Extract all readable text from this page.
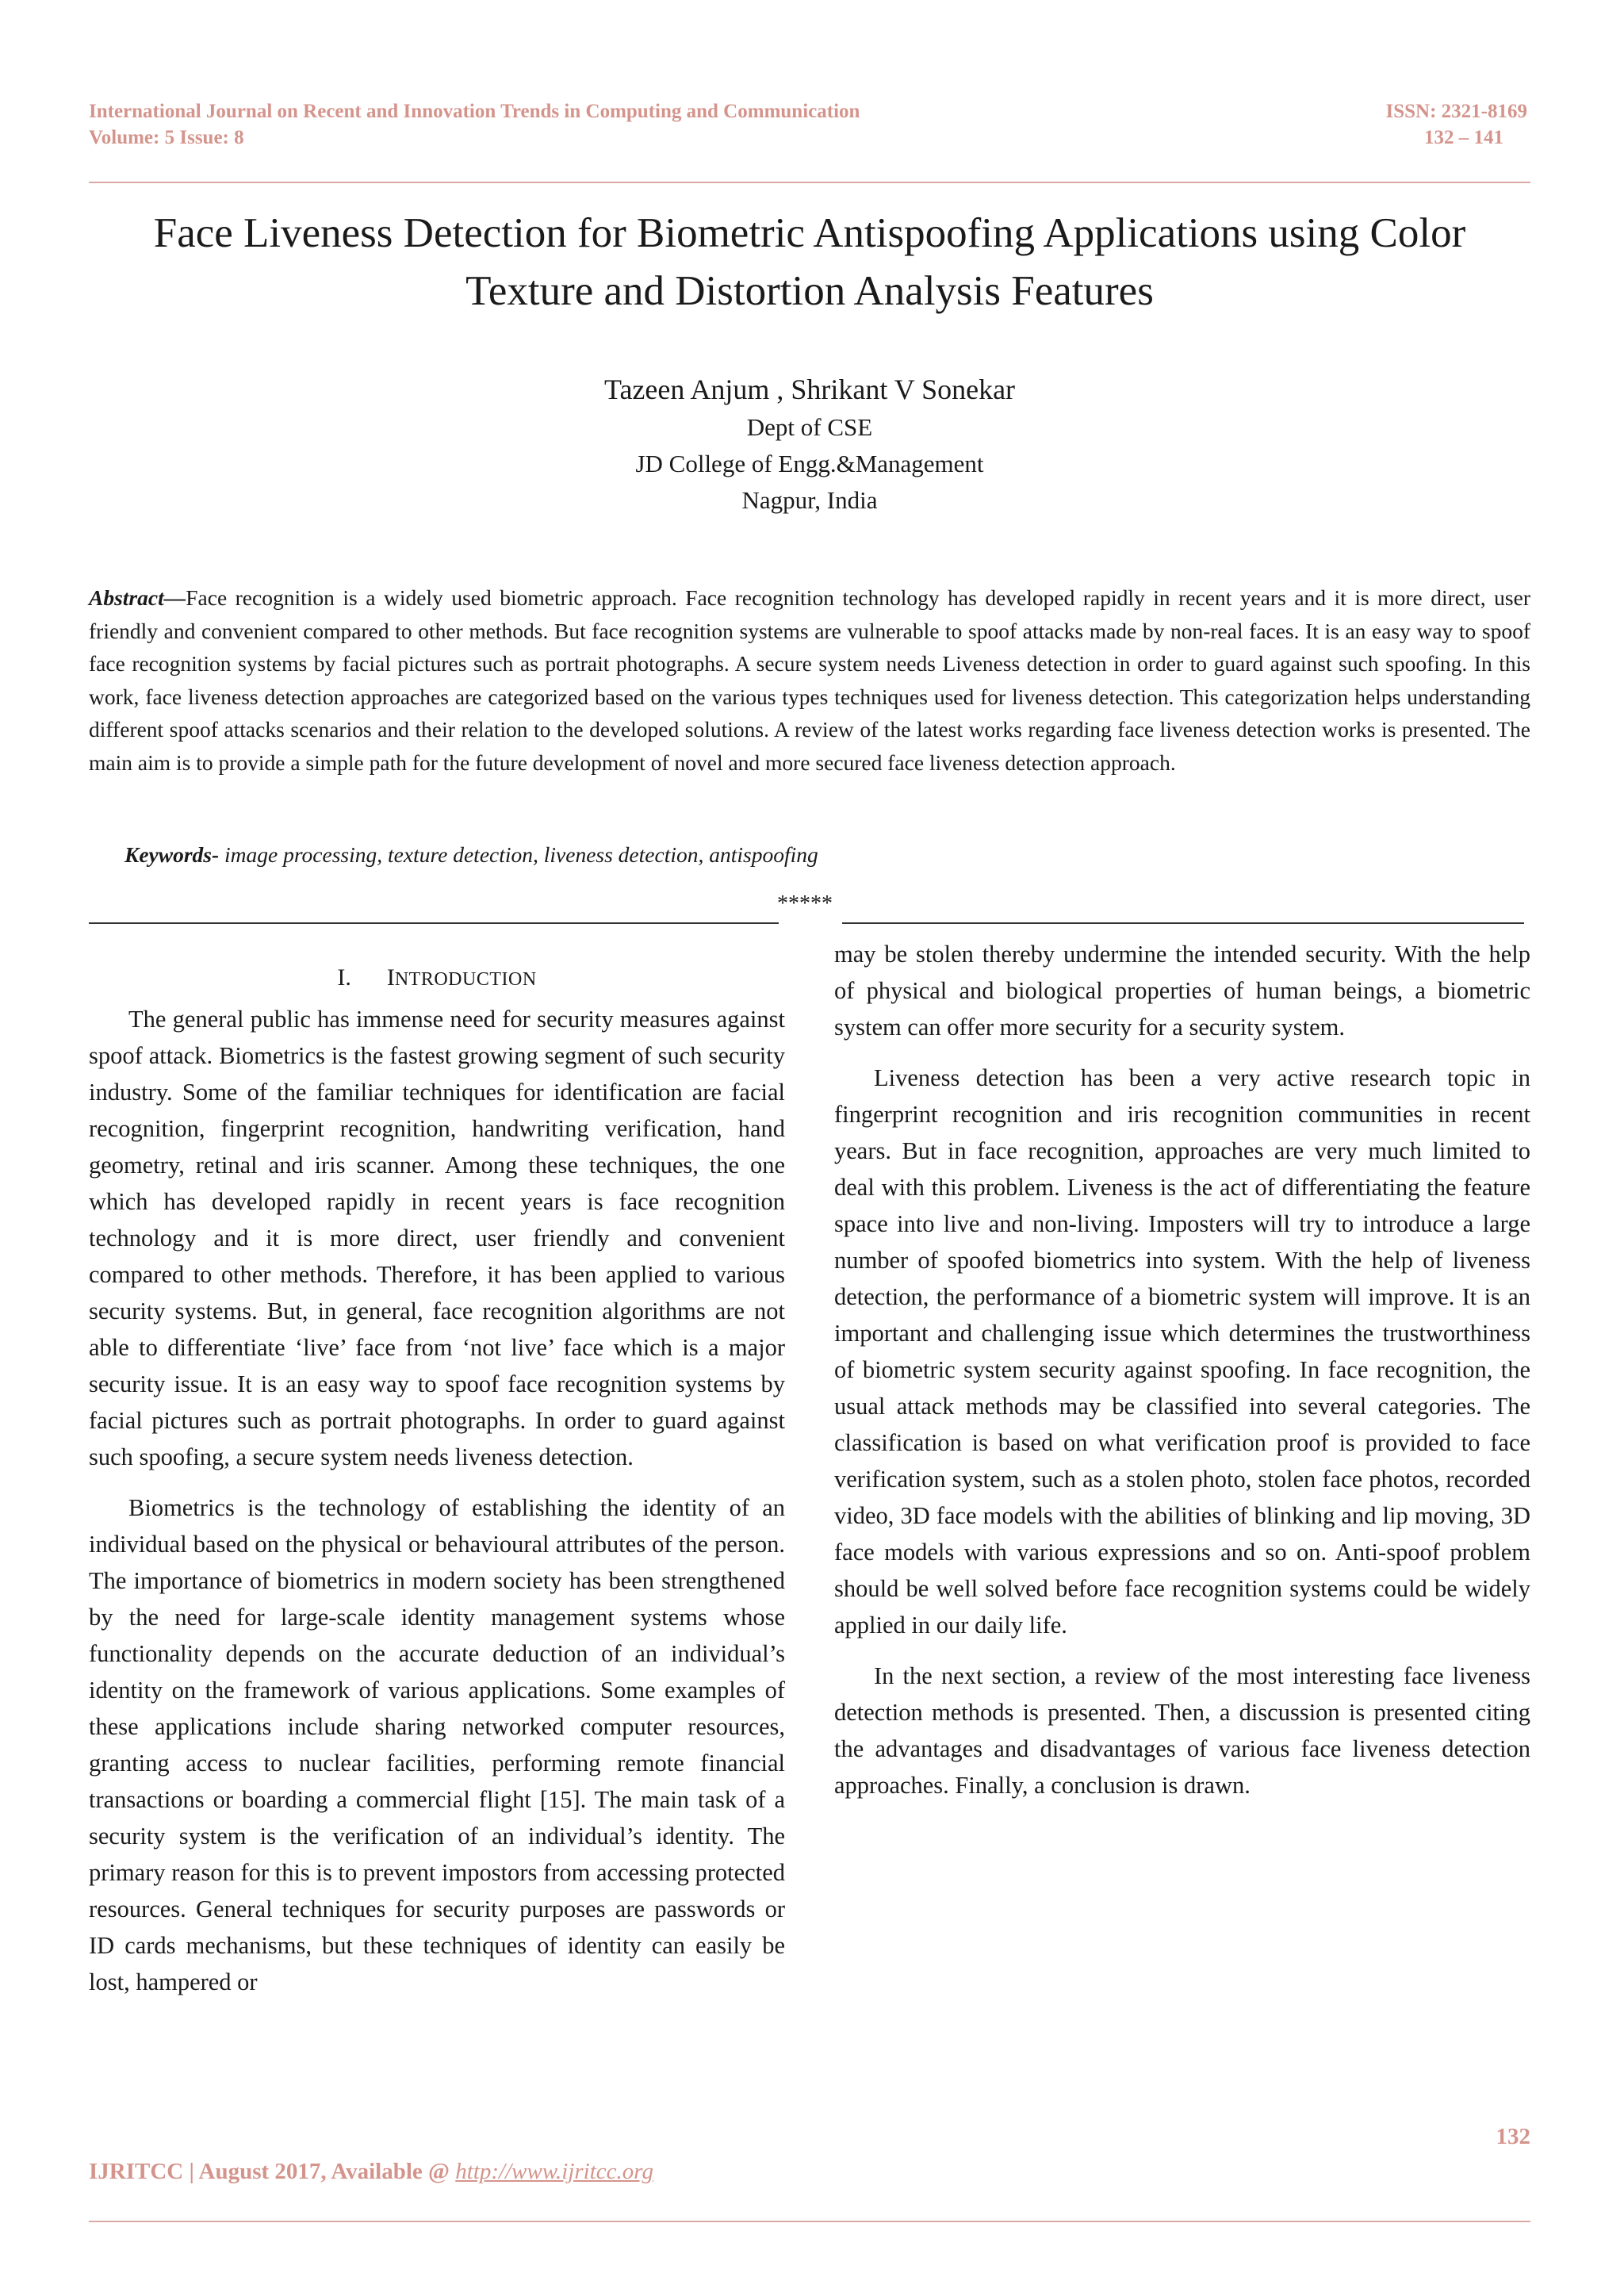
International Journal on Recent and Innovation Trends in Computing and Communication
Volume: 5 Issue: 8
ISSN: 2321-8169
132 – 141
Face Liveness Detection for Biometric Antispoofing Applications using Color Texture and Distortion Analysis Features
Tazeen Anjum , Shrikant V Sonekar
Dept of CSE
JD College of Engg.&Management
Nagpur, India
Abstract—Face recognition is a widely used biometric approach. Face recognition technology has developed rapidly in recent years and it is more direct, user friendly and convenient compared to other methods. But face recognition systems are vulnerable to spoof attacks made by non-real faces. It is an easy way to spoof face recognition systems by facial pictures such as portrait photographs. A secure system needs Liveness detection in order to guard against such spoofing. In this work, face liveness detection approaches are categorized based on the various types techniques used for liveness detection. This categorization helps understanding different spoof attacks scenarios and their relation to the developed solutions. A review of the latest works regarding face liveness detection works is presented. The main aim is to provide a simple path for the future development of novel and more secured face liveness detection approach.
Keywords- image processing, texture detection, liveness detection, antispoofing
*****
I. INTRODUCTION

The general public has immense need for security measures against spoof attack. Biometrics is the fastest growing segment of such security industry. Some of the familiar techniques for identification are facial recognition, fingerprint recognition, handwriting verification, hand geometry, retinal and iris scanner. Among these techniques, the one which has developed rapidly in recent years is face recognition technology and it is more direct, user friendly and convenient compared to other methods. Therefore, it has been applied to various security systems. But, in general, face recognition algorithms are not able to differentiate ‘live’ face from ‘not live’ face which is a major security issue. It is an easy way to spoof face recognition systems by facial pictures such as portrait photographs. In order to guard against such spoofing, a secure system needs liveness detection.

Biometrics is the technology of establishing the identity of an individual based on the physical or behavioural attributes of the person. The importance of biometrics in modern society has been strengthened by the need for large-scale identity management systems whose functionality depends on the accurate deduction of an individual’s identity on the framework of various applications. Some examples of these applications include sharing networked computer resources, granting access to nuclear facilities, performing remote financial transactions or boarding a commercial flight [15]. The main task of a security system is the verification of an individual’s identity. The primary reason for this is to prevent impostors from accessing protected resources. General techniques for security purposes are passwords or ID cards mechanisms, but these techniques of identity can easily be lost, hampered or

may be stolen thereby undermine the intended security. With the help of physical and biological properties of human beings, a biometric system can offer more security for a security system.

Liveness detection has been a very active research topic in fingerprint recognition and iris recognition communities in recent years. But in face recognition, approaches are very much limited to deal with this problem. Liveness is the act of differentiating the feature space into live and non-living. Imposters will try to introduce a large number of spoofed biometrics into system. With the help of liveness detection, the performance of a biometric system will improve. It is an important and challenging issue which determines the trustworthiness of biometric system security against spoofing. In face recognition, the usual attack methods may be classified into several categories. The classification is based on what verification proof is provided to face verification system, such as a stolen photo, stolen face photos, recorded video, 3D face models with the abilities of blinking and lip moving, 3D face models with various expressions and so on. Anti-spoof problem should be well solved before face recognition systems could be widely applied in our daily life.

In the next section, a review of the most interesting face liveness detection methods is presented. Then, a discussion is presented citing the advantages and disadvantages of various face liveness detection approaches. Finally, a conclusion is drawn.

132
IJRITCC | August 2017, Available @ http://www.ijritcc.org
